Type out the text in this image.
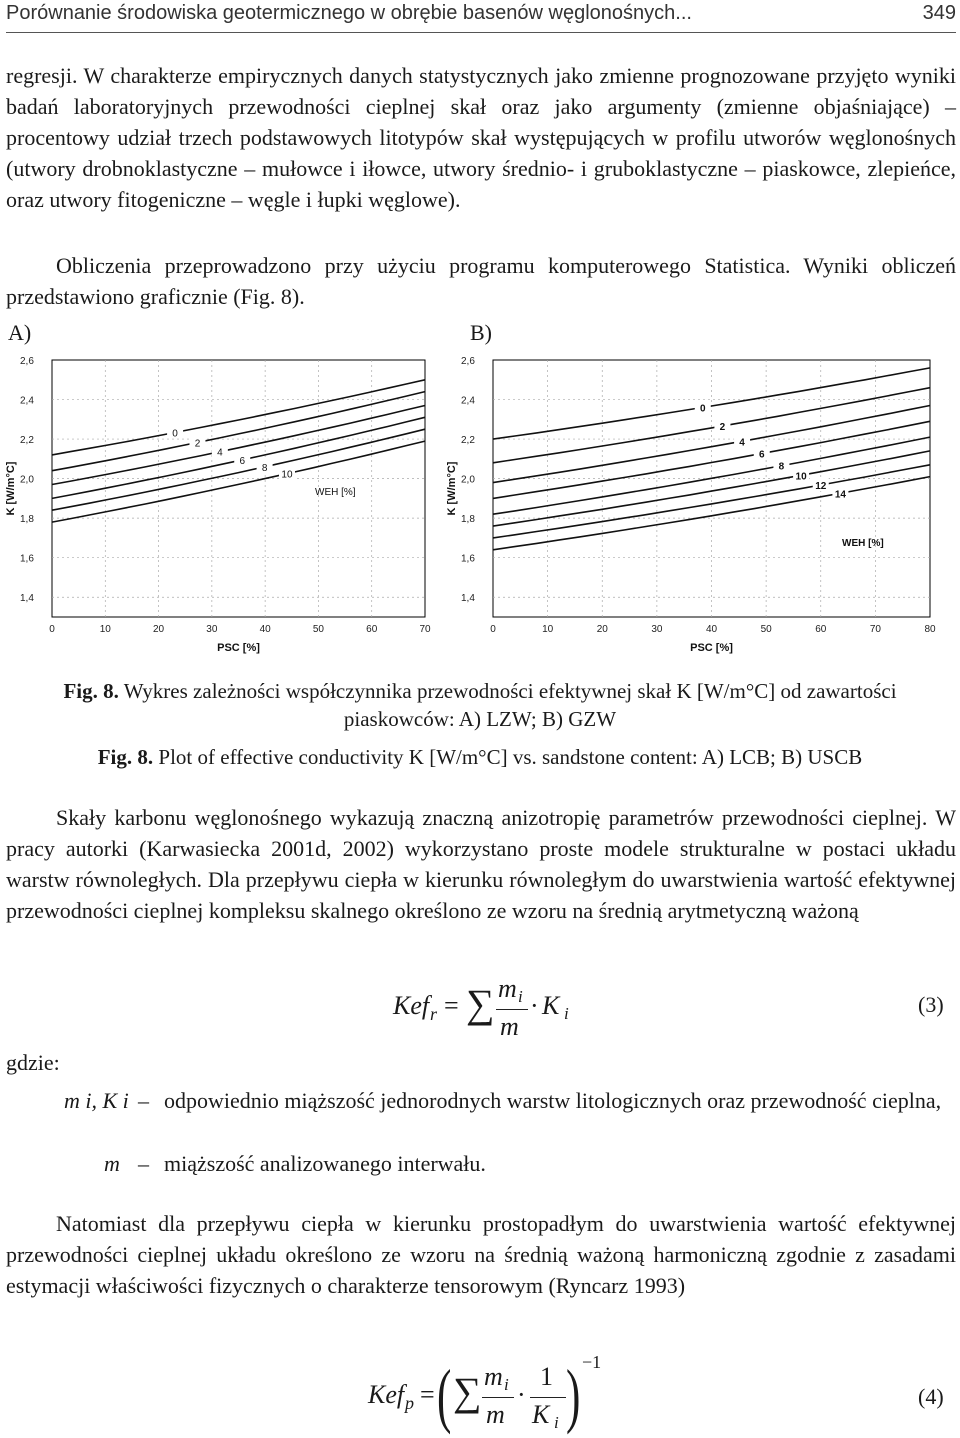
Porównanie środowiska geotermicznego w obrębie basenów węglonośnych...	349

regresji. W charakterze empirycznych danych statystycznych jako zmienne prognozowane przyjęto wyniki badań laboratoryjnych przewodności cieplnej skał oraz jako argumenty (zmienne objaśniające) – procentowy udział trzech podstawowych litotypów skał występujących w profilu utworów węglonośnych (utwory drobnoklastyczne – mułowce i iłowce, utwory średnio- i gruboklastyczne – piaskowce, zlepieńce, oraz utwory fitogeniczne – węgle i łupki węglowe).

Obliczenia przeprowadzono przy użyciu programu komputerowego Statistica. Wyniki obliczeń przedstawiono graficznie (Fig. 8).

A)	B)
0	10	20	30	40	50	60	70
1,4
1,6
1,8
2,0
2,2
2,4
2,6
PSC [%]
K [W/m°C]
0
2
4
6
8
10
WEH [%]
0	10	20	30	40	50	60	70	80
1,4
1,6
1,8
2,0
2,2
2,4
2,6
PSC [%]
K [W/m°C]
0
2
4
6
8
10
12
14
WEH [%]
Fig. 8. Wykres zależności współczynnika przewodności efektywnej skał K [W/m°C] od zawartości piaskowców: A) LZW; B) GZW
Fig. 8. Plot of effective conductivity K [W/m°C] vs. sandstone content: A) LCB; B) USCB

Skały karbonu węglonośnego wykazują znaczną anizotropię parametrów przewodności cieplnej. W pracy autorki (Karwasiecka 2001d, 2002) wykorzystano proste modele strukturalne w postaci układu warstw równoległych. Dla przepływu ciepła w kierunku równoległym do uwarstwienia wartość efektywnej przewodności cieplnej kompleksu skalnego określono ze wzoru na średnią arytmetyczną ważoną

Kef r = ∑ m i
m
· K i	(3)
gdzie:
m i, K i – odpowiednio miąższość jednorodnych warstw litologicznych oraz przewodność cieplna,
m – miąższość analizowanego interwału.

Natomiast dla przepływu ciepła w kierunku prostopadłym do uwarstwienia wartość efektywnej przewodności cieplnej układu określono ze wzoru na średnią ważoną harmoniczną zgodnie z zasadami estymacji właściwości fizycznych o charakterze tensorowym (Ryncarz 1993)

Kef p = ( ∑ m i
m
·
1
K i ) −1
(4)
